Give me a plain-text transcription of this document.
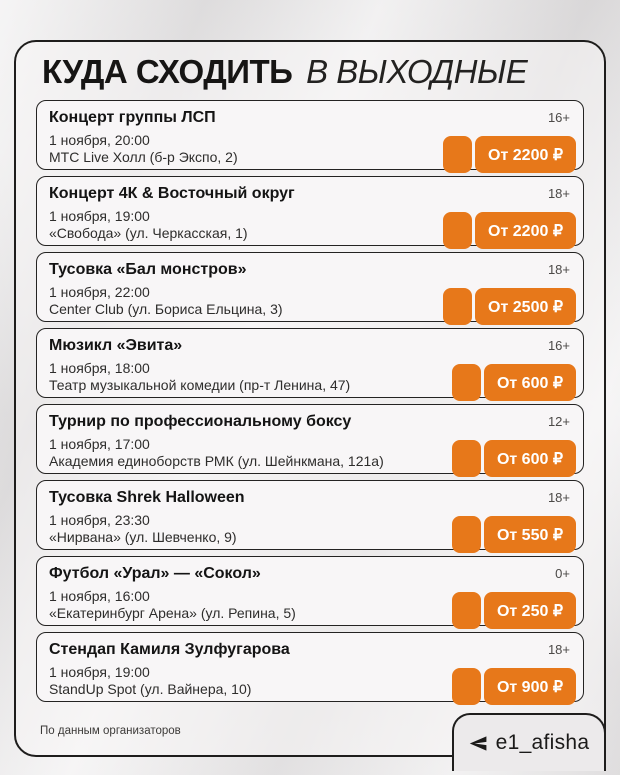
КУДА СХОДИТЬ В ВЫХОДНЫЕ
Концерт группы ЛСП
1 ноября, 20:00
МТС Live Холл (б-р Экспо, 2)
16+
От 2200 ₽
Концерт 4К & Восточный округ
1 ноября, 19:00
«Свобода» (ул. Черкасская, 1)
18+
От 2200 ₽
Тусовка «Бал монстров»
1 ноября, 22:00
Center Club (ул. Бориса Ельцина, 3)
18+
От 2500 ₽
Мюзикл «Эвита»
1 ноября, 18:00
Театр музыкальной комедии (пр-т Ленина, 47)
16+
От 600 ₽
Турнир по профессиональному боксу
1 ноября, 17:00
Академия единоборств РМК (ул. Шейнкмана, 121а)
12+
От 600 ₽
Тусовка Shrek Halloween
1 ноября, 23:30
«Нирвана» (ул. Шевченко, 9)
18+
От 550 ₽
Футбол «Урал» — «Сокол»
1 ноября, 16:00
«Екатеринбург Арена» (ул. Репина, 5)
0+
От 250 ₽
Стендап Камиля Зулфугарова
1 ноября, 19:00
StandUp Spot (ул. Вайнера, 10)
18+
От 900 ₽
По данным организаторов	e1_afisha
